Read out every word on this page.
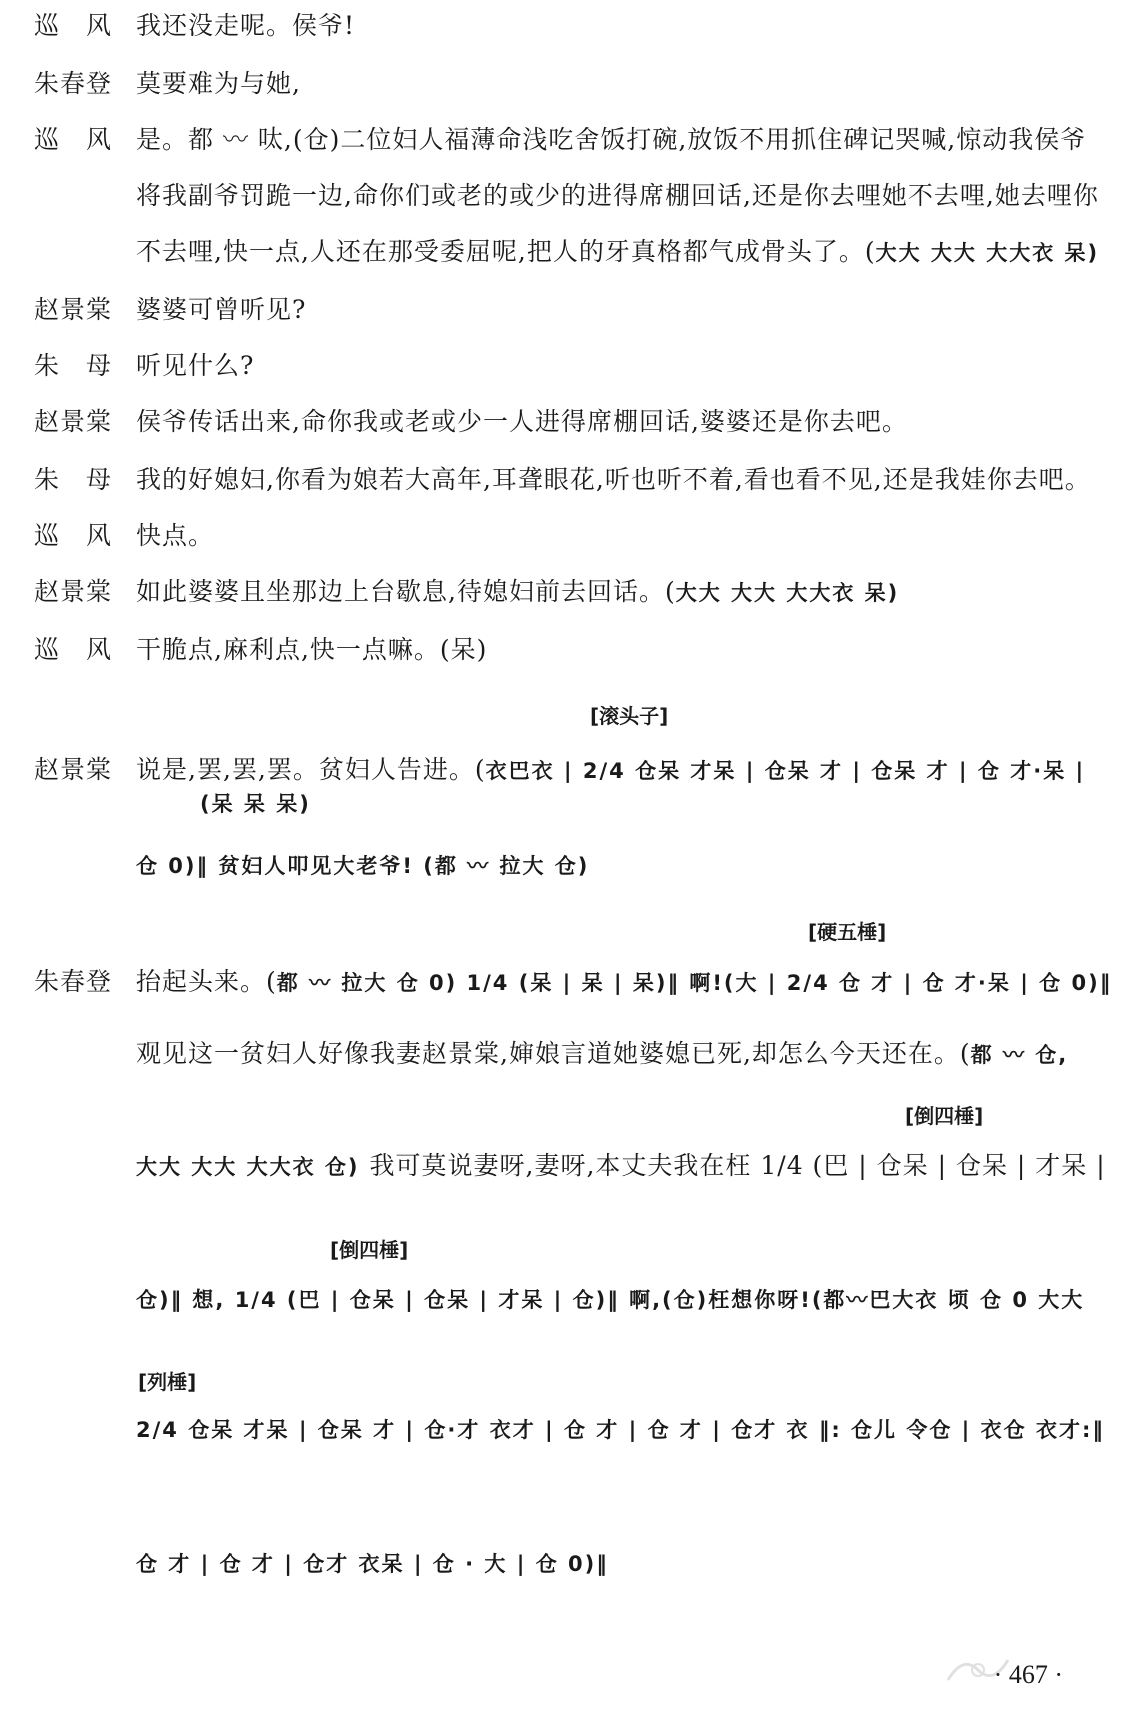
巡　风 我还没走呢。侯爷!
朱春登 莫要难为与她,
巡　风 是。都 〰 呔,(仓)二位妇人福薄命浅吃舍饭打碗,放饭不用抓住碑记哭喊,惊动我侯爷
将我副爷罚跪一边,命你们或老的或少的进得席棚回话,还是你去哩她不去哩,她去哩你
不去哩,快一点,人还在那受委屈呢,把人的牙真格都气成骨头了。(大大 大大 大大衣 呆)
赵景棠 婆婆可曾听见?
朱　母 听见什么?
赵景棠 侯爷传话出来,命你我或老或少一人进得席棚回话,婆婆还是你去吧。
朱　母 我的好媳妇,你看为娘若大高年,耳聋眼花,听也听不着,看也看不见,还是我娃你去吧。
巡　风 快点。
赵景棠 如此婆婆且坐那边上台歇息,待媳妇前去回话。(大大 大大 大大衣 呆)
巡　风 干脆点,麻利点,快一点嘛。(呆)
赵景棠 说是,罢,罢,罢。贫妇人告进。(衣巴衣 | 2/4 仓呆 才呆 | 仓呆 才 | 仓呆 才 | 仓 才·呆 |
(呆 呆 呆)
仓 0)‖ 贫妇人叩见大老爷! (都 〰 拉大 仓)
朱春登 抬起头来。(都 〰 拉大 仓 0) 1/4 (呆 | 呆 | 呆)‖ 啊!(大 | 2/4 仓 才 | 仓 才·呆 | 仓 0)‖
观见这一贫妇人好像我妻赵景棠,婶娘言道她婆媳已死,却怎么今天还在。(都 〰 仓,
大大 大大 大大衣 仓) 我可莫说妻呀,妻呀,本丈夫我在枉 1/4 (巴 | 仓呆 | 仓呆 | 才呆 |
仓)‖ 想, 1/4 (巴 | 仓呆 | 仓呆 | 才呆 | 仓)‖ 啊,(仓)枉想你呀!(都〰巴大衣 顷 仓 0 大大
2/4 仓呆 才呆 | 仓呆 才 | 仓·才 衣才 | 仓 才 | 仓 才 | 仓才 衣 ‖: 仓儿 令仓 | 衣仓 衣才:‖
仓 才 | 仓 才 | 仓才 衣呆 | 仓 · 大 | 仓 0)‖
[滚头子]
[硬五棰]
[倒四棰]
[倒四棰]
[列棰]
· 467 ·
